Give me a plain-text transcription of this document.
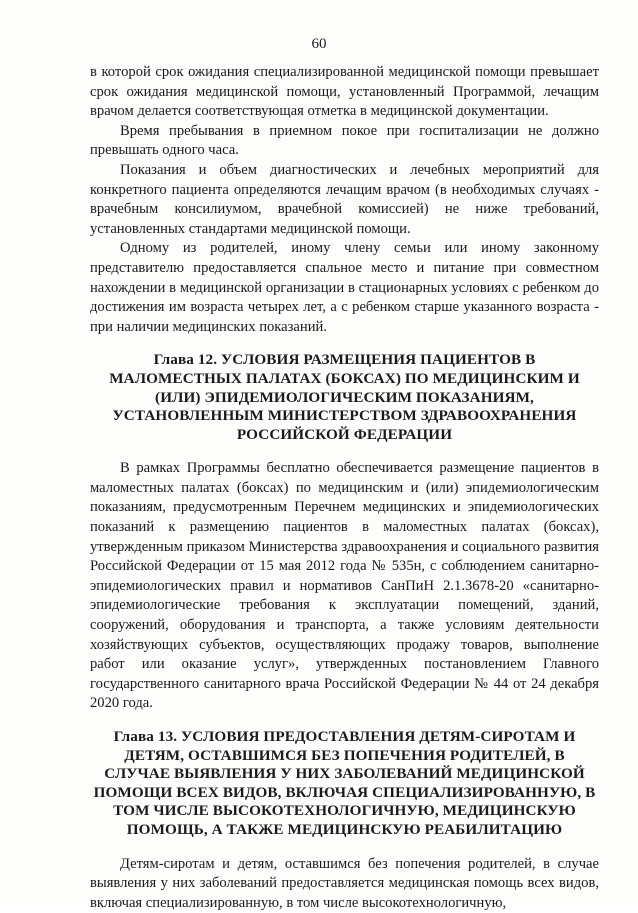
60

в которой срок ожидания специализированной медицинской помощи превышает срок ожидания медицинской помощи, установленный Программой, лечащим врачом делается соответствующая отметка в медицинской документации.

Время пребывания в приемном покое при госпитализации не должно превышать одного часа.

Показания и объем диагностических и лечебных мероприятий для конкретного пациента определяются лечащим врачом (в необходимых случаях - врачебным консилиумом, врачебной комиссией) не ниже требований, установленных стандартами медицинской помощи.

Одному из родителей, иному члену семьи или иному законному представителю предоставляется спальное место и питание при совместном нахождении в медицинской организации в стационарных условиях с ребенком до достижения им возраста четырех лет, а с ребенком старше указанного возраста - при наличии медицинских показаний.

Глава 12. УСЛОВИЯ РАЗМЕЩЕНИЯ ПАЦИЕНТОВ В МАЛОМЕСТНЫХ ПАЛАТАХ (БОКСАХ) ПО МЕДИЦИНСКИМ И (ИЛИ) ЭПИДЕМИОЛОГИЧЕСКИМ ПОКАЗАНИЯМ, УСТАНОВЛЕННЫМ МИНИСТЕРСТВОМ ЗДРАВООХРАНЕНИЯ РОССИЙСКОЙ ФЕДЕРАЦИИ

В рамках Программы бесплатно обеспечивается размещение пациентов в маломестных палатах (боксах) по медицинским и (или) эпидемиологическим показаниям, предусмотренным Перечнем медицинских и эпидемиологических показаний к размещению пациентов в маломестных палатах (боксах), утвержденным приказом Министерства здравоохранения и социального развития Российской Федерации от 15 мая 2012 года № 535н, с соблюдением санитарно-эпидемиологических правил и нормативов СанПиН 2.1.3678-20 «санитарно-эпидемиологические требования к эксплуатации помещений, зданий, сооружений, оборудования и транспорта, а также условиям деятельности хозяйствующих субъектов, осуществляющих продажу товаров, выполнение работ или оказание услуг», утвержденных постановлением Главного государственного санитарного врача Российской Федерации № 44 от 24 декабря 2020 года.

Глава 13. УСЛОВИЯ ПРЕДОСТАВЛЕНИЯ ДЕТЯМ-СИРОТАМ И ДЕТЯМ, ОСТАВШИМСЯ БЕЗ ПОПЕЧЕНИЯ РОДИТЕЛЕЙ, В СЛУЧАЕ ВЫЯВЛЕНИЯ У НИХ ЗАБОЛЕВАНИЙ МЕДИЦИНСКОЙ ПОМОЩИ ВСЕХ ВИДОВ, ВКЛЮЧАЯ СПЕЦИАЛИЗИРОВАННУЮ, В ТОМ ЧИСЛЕ ВЫСОКОТЕХНОЛОГИЧНУЮ, МЕДИЦИНСКУЮ ПОМОЩЬ, А ТАКЖЕ МЕДИЦИНСКУЮ РЕАБИЛИТАЦИЮ

Детям-сиротам и детям, оставшимся без попечения родителей, в случае выявления у них заболеваний предоставляется медицинская помощь всех видов, включая специализированную, в том числе высокотехнологичную,
